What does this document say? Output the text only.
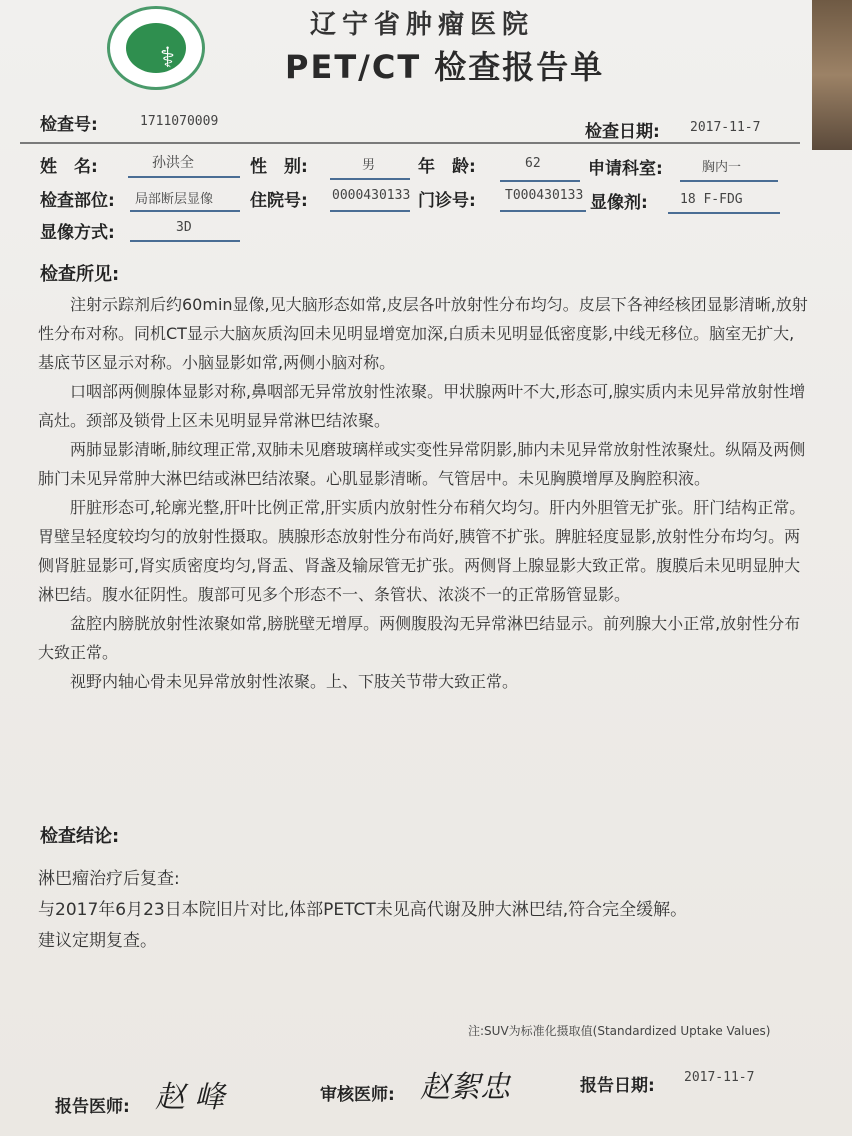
⚕
辽宁省肿瘤医院
PET/CT 检查报告单
检查号:	1711070009
检查日期: 2017-11-7
姓　名:	孙洪全	性　别:	男	年　龄:	62	申请科室:	胸内一
检查部位: 局部断层显像 住院号: 0000430133 门诊号: T000430133 显像剂: 18 F-FDG
显像方式:	3D
检查所见:

注射示踪剂后约60min显像,见大脑形态如常,皮层各叶放射性分布均匀。皮层下各神经核团显影清晰,放射性分布对称。同机CT显示大脑灰质沟回未见明显增宽加深,白质未见明显低密度影,中线无移位。脑室无扩大,基底节区显示对称。小脑显影如常,两侧小脑对称。

口咽部两侧腺体显影对称,鼻咽部无异常放射性浓聚。甲状腺两叶不大,形态可,腺实质内未见异常放射性增高灶。颈部及锁骨上区未见明显异常淋巴结浓聚。

两肺显影清晰,肺纹理正常,双肺未见磨玻璃样或实变性异常阴影,肺内未见异常放射性浓聚灶。纵隔及两侧肺门未见异常肿大淋巴结或淋巴结浓聚。心肌显影清晰。气管居中。未见胸膜增厚及胸腔积液。

肝脏形态可,轮廓光整,肝叶比例正常,肝实质内放射性分布稍欠均匀。肝内外胆管无扩张。肝门结构正常。胃壁呈轻度较均匀的放射性摄取。胰腺形态放射性分布尚好,胰管不扩张。脾脏轻度显影,放射性分布均匀。两侧肾脏显影可,肾实质密度均匀,肾盂、肾盏及输尿管无扩张。两侧肾上腺显影大致正常。腹膜后未见明显肿大淋巴结。腹水征阴性。腹部可见多个形态不一、条管状、浓淡不一的正常肠管显影。

盆腔内膀胱放射性浓聚如常,膀胱壁无增厚。两侧腹股沟无异常淋巴结显示。前列腺大小正常,放射性分布大致正常。

视野内轴心骨未见异常放射性浓聚。上、下肢关节带大致正常。

检查结论:

淋巴瘤治疗后复查:

与2017年6月23日本院旧片对比,体部PETCT未见高代谢及肿大淋巴结,符合完全缓解。

建议定期复查。

注:SUV为标准化摄取值(Standardized Uptake Values)
报告医师: 赵 峰	审核医师: 赵絮忠	报告日期: 2017-11-7
